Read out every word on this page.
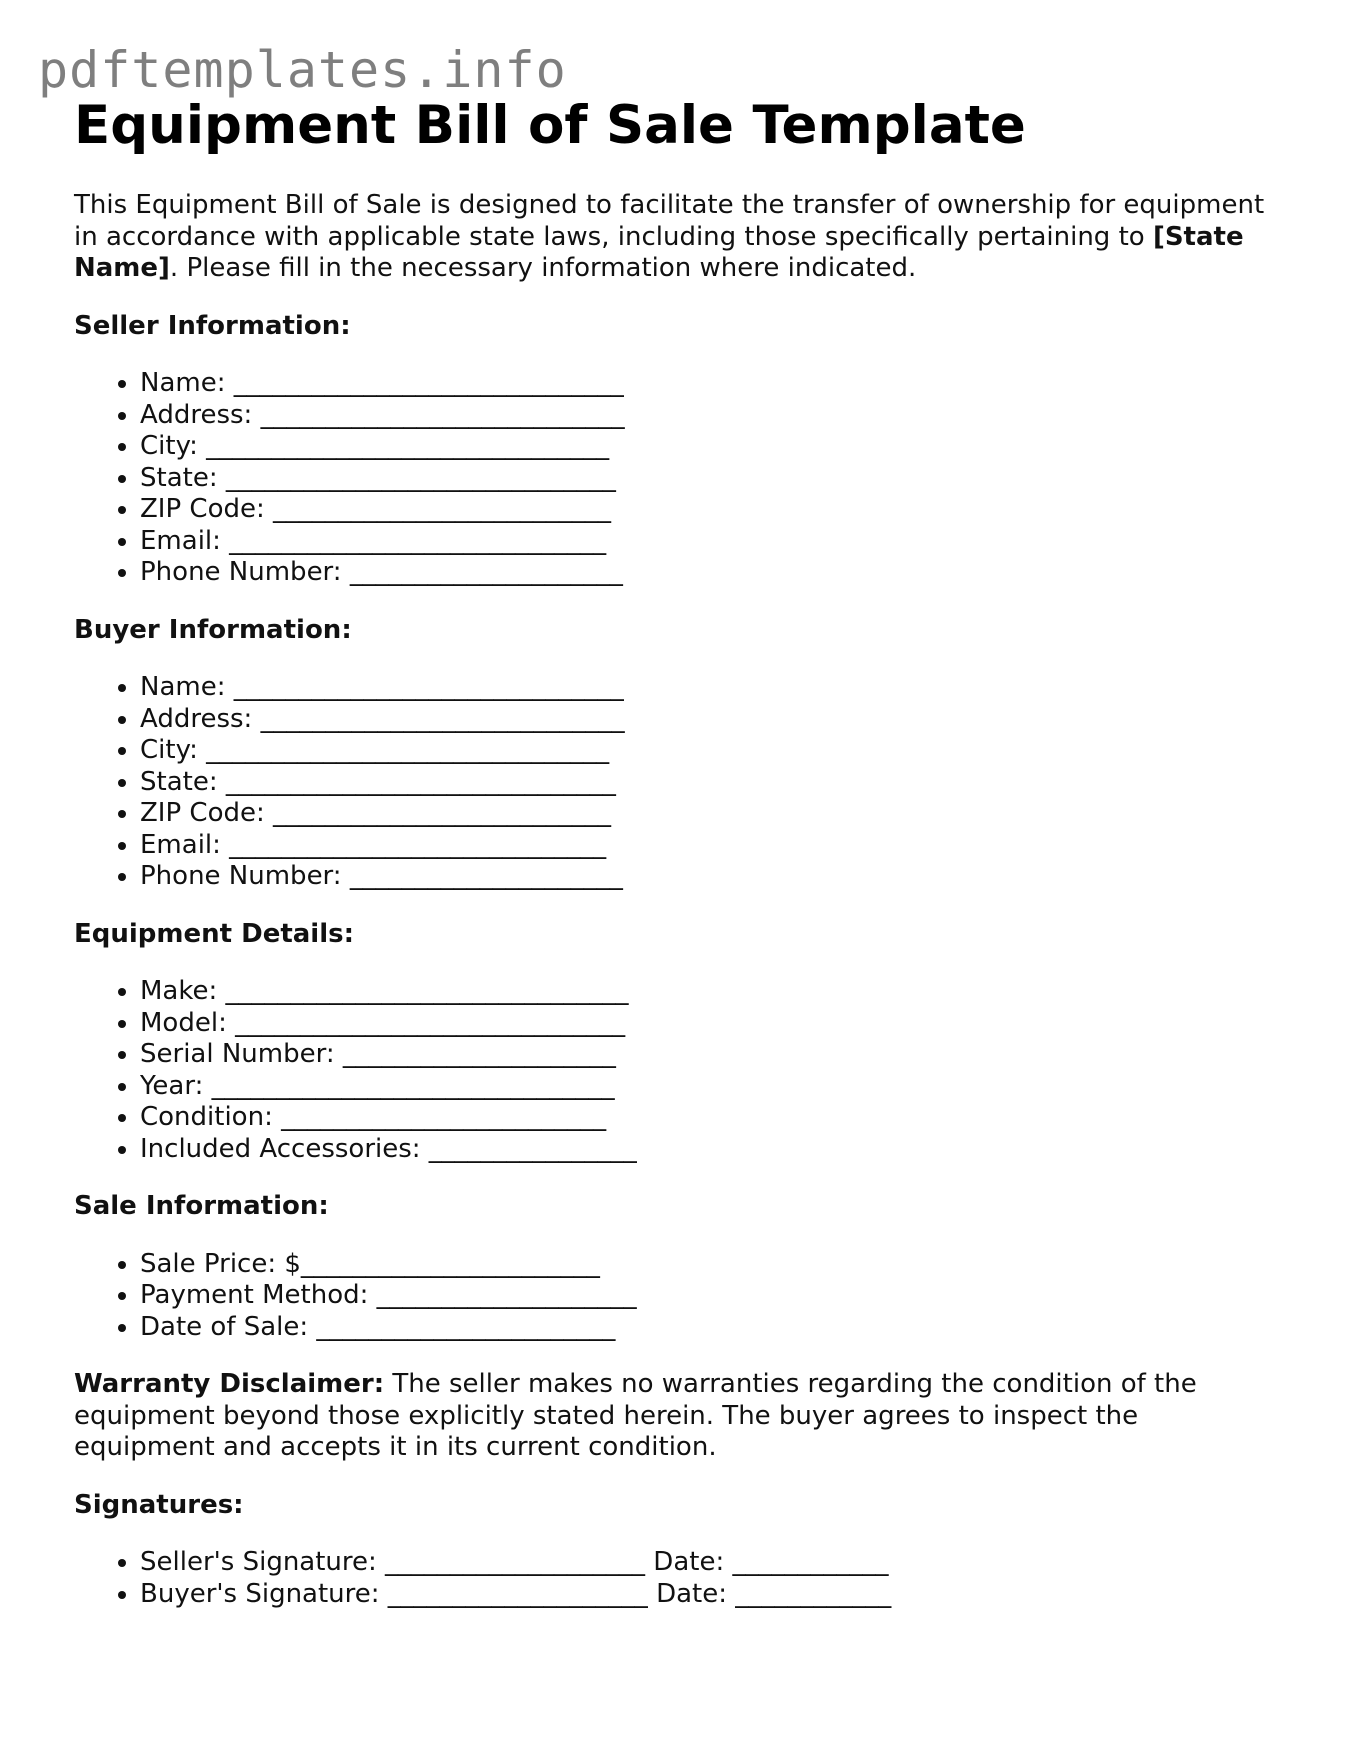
pdftemplates.info
Equipment Bill of Sale Template

This Equipment Bill of Sale is designed to facilitate the transfer of ownership for equipment in accordance with applicable state laws, including those specifically pertaining to [State Name]. Please fill in the necessary information where indicated.

Seller Information:
• Name: ______________________________
• Address: ____________________________
• City: _______________________________
• State: ______________________________
• ZIP Code: __________________________
• Email: _____________________________
• Phone Number: _____________________
Buyer Information:
• Name: ______________________________
• Address: ____________________________
• City: _______________________________
• State: ______________________________
• ZIP Code: __________________________
• Email: _____________________________
• Phone Number: _____________________
Equipment Details:
• Make: _______________________________
• Model: ______________________________
• Serial Number: _____________________
• Year: _______________________________
• Condition: _________________________
• Included Accessories: ________________
Sale Information:
• Sale Price: $_______________________
• Payment Method: ____________________
• Date of Sale: _______________________

Warranty Disclaimer: The seller makes no warranties regarding the condition of the equipment beyond those explicitly stated herein. The buyer agrees to inspect the equipment and accepts it in its current condition.

Signatures:
• Seller's Signature: ____________________ Date: ____________
• Buyer's Signature: ____________________ Date: ____________
